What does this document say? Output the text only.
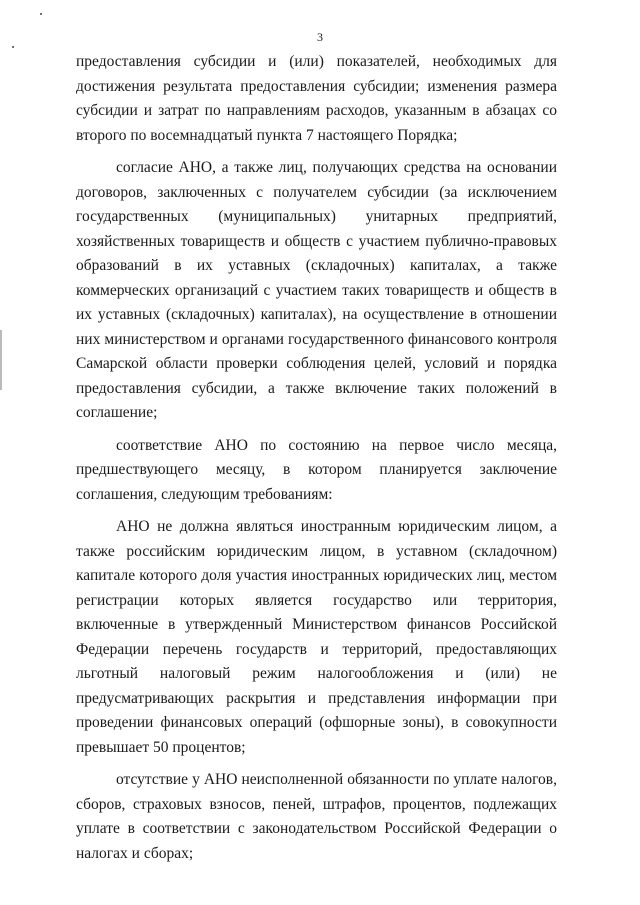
3

предоставления субсидии и (или) показателей, необходимых для достижения результата предоставления субсидии; изменения размера субсидии и затрат по направлениям расходов, указанным в абзацах со второго по восемнадцатый пункта 7 настоящего Порядка;

согласие АНО, а также лиц, получающих средства на основании договоров, заключенных с получателем субсидии (за исключением государственных (муниципальных) унитарных предприятий, хозяйственных товариществ и обществ с участием публично-правовых образований в их уставных (складочных) капиталах, а также коммерческих организаций с участием таких товариществ и обществ в их уставных (складочных) капиталах), на осуществление в отношении них министерством и органами государственного финансового контроля Самарской области проверки соблюдения целей, условий и порядка предоставления субсидии, а также включение таких положений в соглашение;

соответствие АНО по состоянию на первое число месяца, предшествующего месяцу, в котором планируется заключение соглашения, следующим требованиям:

АНО не должна являться иностранным юридическим лицом, а также российским юридическим лицом, в уставном (складочном) капитале которого доля участия иностранных юридических лиц, местом регистрации которых является государство или территория, включенные в утвержденный Министерством финансов Российской Федерации перечень государств и территорий, предоставляющих льготный налоговый режим налогообложения и (или) не предусматривающих раскрытия и представления информации при проведении финансовых операций (офшорные зоны), в совокупности превышает 50 процентов;

отсутствие у АНО неисполненной обязанности по уплате налогов, сборов, страховых взносов, пеней, штрафов, процентов, подлежащих уплате в соответствии с законодательством Российской Федерации о налогах и сборах;
